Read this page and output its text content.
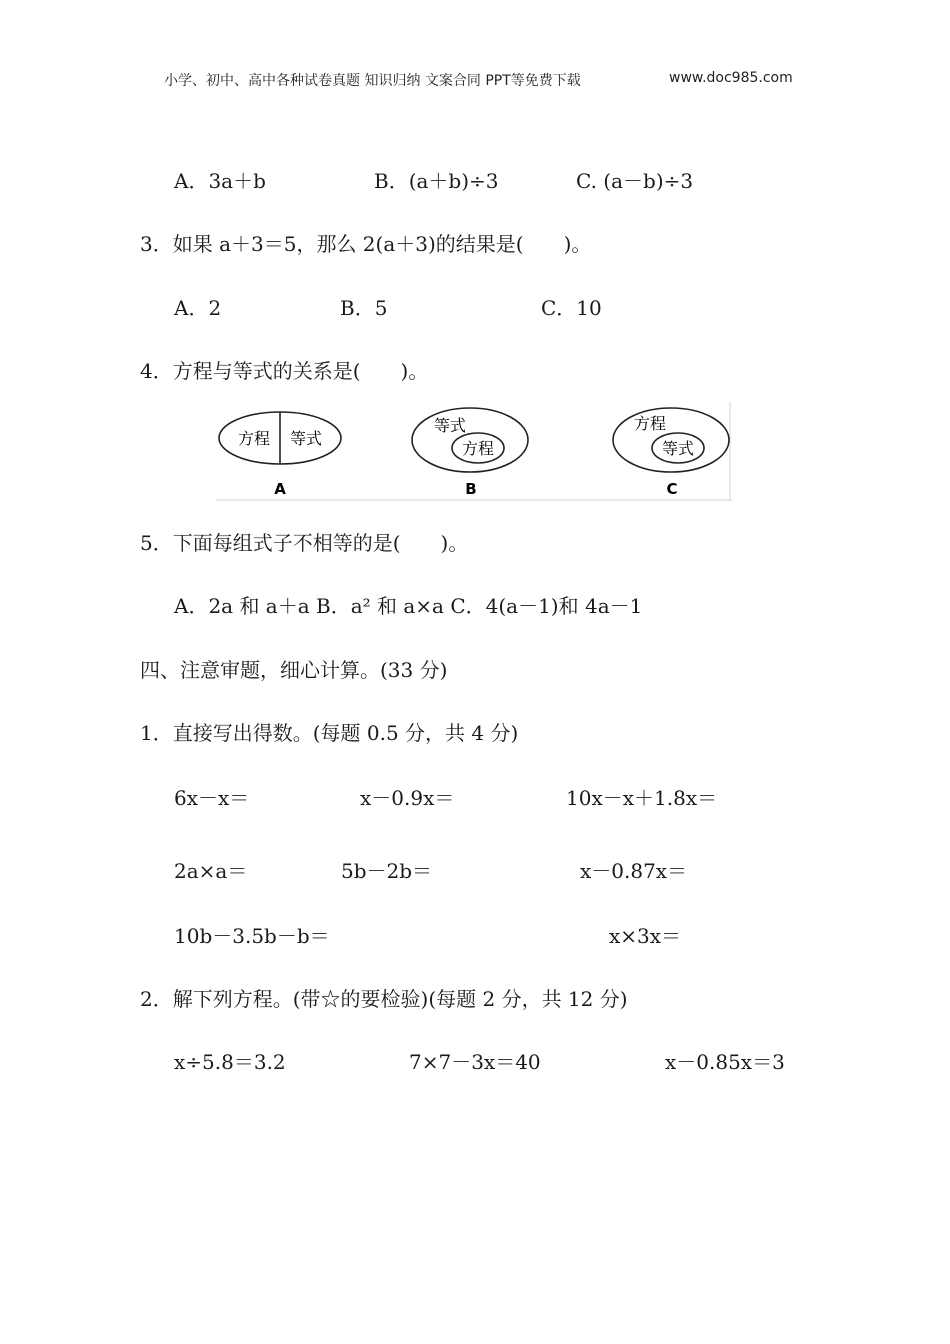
小学、初中、高中各种试卷真题 知识归纳 文案合同 PPT等免费下载	www.doc985.com
A．3a＋b	B．(a＋b)÷3	C. (a－b)÷3
3．如果 a＋3＝5，那么 2(a＋3)的结果是(　　)。
A．2	B．5	C．10
4．方程与等式的关系是(　　)。
方程 等式
A
等式
方程
B
方程
等式
C
5．下面每组式子不相等的是(　　)。
A．2a 和 a＋a B．a² 和 a×a C．4(a－1)和 4a－1
四、注意审题，细心计算。(33 分)
1．直接写出得数。(每题 0.5 分，共 4 分)
6x－x＝	x－0.9x＝	10x－x＋1.8x＝
2a×a＝	5b－2b＝	x－0.87x＝
10b－3.5b－b＝	x×3x＝
2．解下列方程。(带☆的要检验)(每题 2 分，共 12 分)
x÷5.8＝3.2	7×7－3x＝40	x－0.85x＝3
